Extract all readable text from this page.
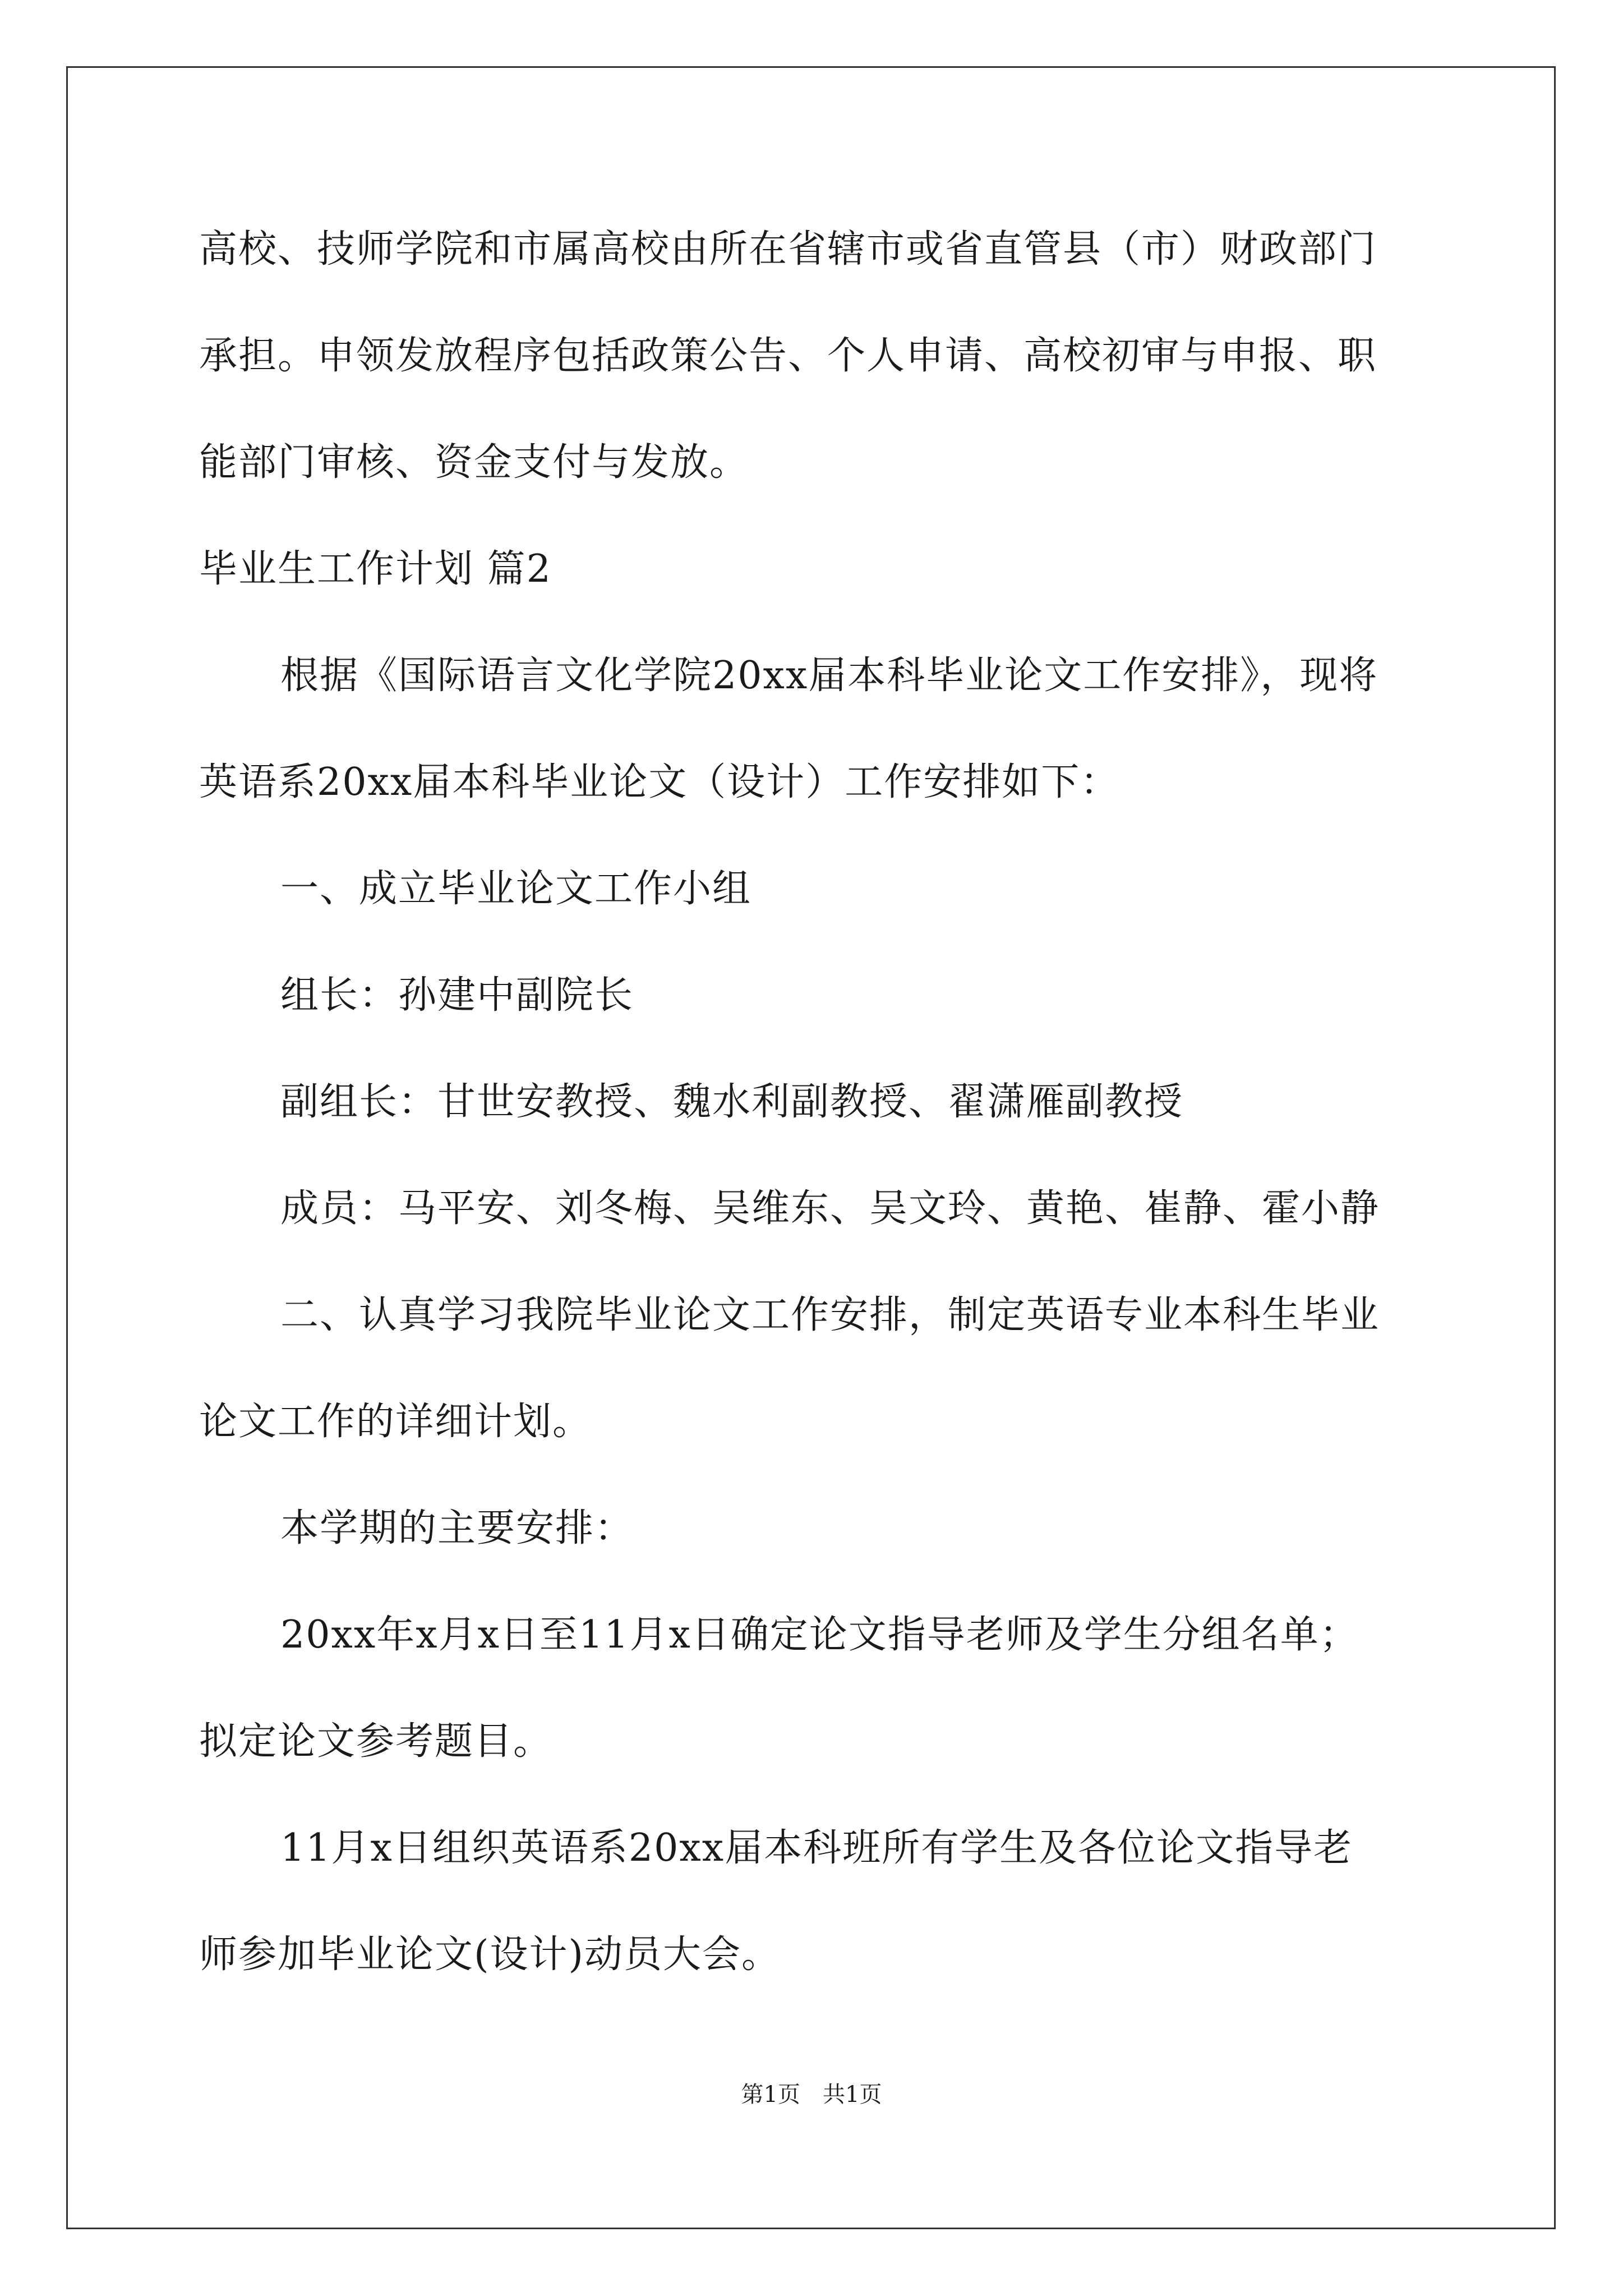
高校、技师学院和市属高校由所在省辖市或省直管县（市）财政部门
承担。申领发放程序包括政策公告、个人申请、高校初审与申报、职
能部门审核、资金支付与发放。
毕业生工作计划 篇2
根据《国际语言文化学院20xx届本科毕业论文工作安排》，现将
英语系20xx届本科毕业论文（设计）工作安排如下：
一、成立毕业论文工作小组
组长：孙建中副院长
副组长：甘世安教授、魏水利副教授、翟潇雁副教授
成员：马平安、刘冬梅、吴维东、吴文玲、黄艳、崔静、霍小静
二、认真学习我院毕业论文工作安排，制定英语专业本科生毕业
论文工作的详细计划。
本学期的主要安排：
20xx年x月x日至11月x日确定论文指导老师及学生分组名单；
拟定论文参考题目。
11月x日组织英语系20xx届本科班所有学生及各位论文指导老
师参加毕业论文(设计)动员大会。
第1页　共1页
